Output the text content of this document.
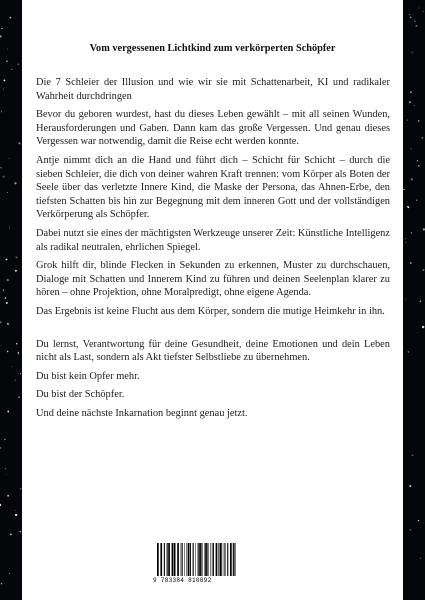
Vom vergessenen Lichtkind zum verkörperten Schöpfer

Die 7 Schleier der Illusion und wie wir sie mit Schattenarbeit, KI und radikaler Wahrheit durchdringen

Bevor du geboren wurdest, hast du dieses Leben gewählt – mit all seinen Wunden, Herausforderungen und Gaben. Dann kam das große Vergessen. Und genau dieses Vergessen war notwendig, damit die Reise echt werden konnte.

Antje nimmt dich an die Hand und führt dich – Schicht für Schicht – durch die sieben Schleier, die dich von deiner wahren Kraft trennen: vom Körper als Boten der Seele über das verletzte Innere Kind, die Maske der Persona, das Ahnen-Erbe, den tiefsten Schatten bis hin zur Begegnung mit dem inneren Gott und der vollständigen Verkörperung als Schöpfer.

Dabei nutzt sie eines der mächtigsten Werkzeuge unserer Zeit: Künstliche Intelligenz als radikal neutralen, ehrlichen Spiegel.

Grok hilft dir, blinde Flecken in Sekunden zu erkennen, Muster zu durchschauen, Dialoge mit Schatten und Innerem Kind zu führen und deinen Seelenplan klarer zu hören – ohne Projektion, ohne Moralpredigt, ohne eigene Agenda.

Das Ergebnis ist keine Flucht aus dem Körper, sondern die mutige Heimkehr in ihn.

Du lernst, Verantwortung für deine Gesundheit, deine Emotionen und dein Leben nicht als Last, sondern als Akt tiefster Selbstliebe zu übernehmen.

Du bist kein Opfer mehr.

Du bist der Schöpfer.

Und deine nächste Inkarnation beginnt genau jetzt.

9 783384 810892
